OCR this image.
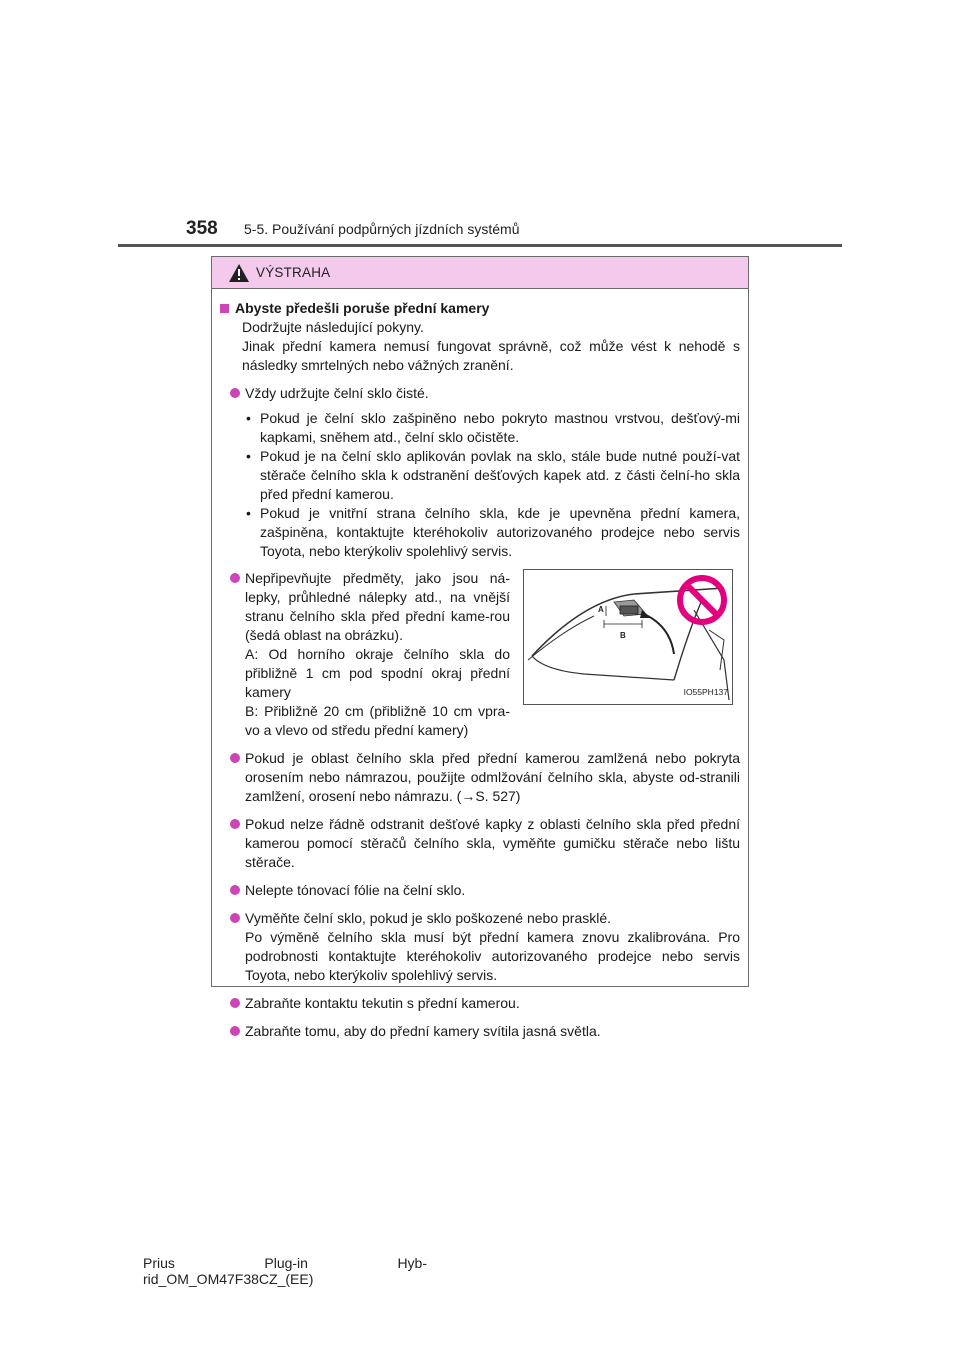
358 5-5. Používání podpůrných jízdních systémů
VÝSTRAHA
Abyste předešli poruše přední kamery
Dodržujte následující pokyny.
Jinak přední kamera nemusí fungovat správně, což může vést k nehodě s následky smrtelných nebo vážných zranění.
Vždy udržujte čelní sklo čisté.
• Pokud je čelní sklo zašpiněno nebo pokryto mastnou vrstvou, dešťový-mi kapkami, sněhem atd., čelní sklo očistěte.
• Pokud je na čelní sklo aplikován povlak na sklo, stále bude nutné použí-vat stěrače čelního skla k odstranění dešťových kapek atd. z části čelní-ho skla před přední kamerou.
• Pokud je vnitřní strana čelního skla, kde je upevněna přední kamera, zašpiněna, kontaktujte kteréhokoliv autorizovaného prodejce nebo servis Toyota, nebo kterýkoliv spolehlivý servis.
Nepřipevňujte předměty, jako jsou ná-lepky, průhledné nálepky atd., na vnější stranu čelního skla před přední kame-rou (šedá oblast na obrázku).
A: Od horního okraje čelního skla do přibližně 1 cm pod spodní okraj přední kamery
B: Přibližně 20 cm (přibližně 10 cm vpra-vo a vlevo od středu přední kamery)
A
B
IO55PH137
Pokud je oblast čelního skla před přední kamerou zamlžená nebo pokryta orosením nebo námrazou, použijte odmlžování čelního skla, abyste od-stranili zamlžení, orosení nebo námrazu. (→S. 527)
Pokud nelze řádně odstranit dešťové kapky z oblasti čelního skla před přední kamerou pomocí stěračů čelního skla, vyměňte gumičku stěrače nebo lištu stěrače.
Nelepte tónovací fólie na čelní sklo.
Vyměňte čelní sklo, pokud je sklo poškozené nebo prasklé.
Po výměně čelního skla musí být přední kamera znovu zkalibrována. Pro podrobnosti kontaktujte kteréhokoliv autorizovaného prodejce nebo servis Toyota, nebo kterýkoliv spolehlivý servis.
Zabraňte kontaktu tekutin s přední kamerou.
Zabraňte tomu, aby do přední kamery svítila jasná světla.
Prius	Plug-in	Hyb-
rid_OM_OM47F38CZ_(EE)
